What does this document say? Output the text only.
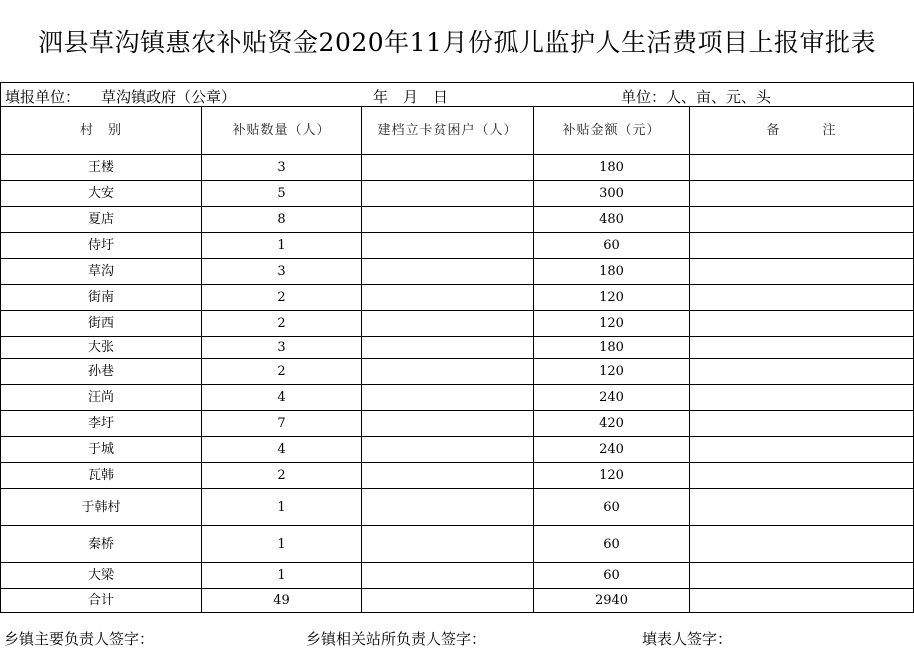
泗县草沟镇惠农补贴资金2020年11月份孤儿监护人生活费项目上报审批表
填报单位： 草沟镇政府（公章）	年　月　日	单位：人、亩、元、头
村　别	补贴数量（人）	建档立卡贫困户（人）	补贴金额（元）	备　　　注
王楼	3		180	
大安	5		300	
夏店	8		480	
侍圩	1		60	
草沟	3		180	
街南	2		120	
街西	2		120	
大张	3		180	
孙巷	2		120	
汪尚	4		240	
李圩	7		420	
于城	4		240	
瓦韩	2		120	
于韩村	1		60	
秦桥	1		60	
大梁	1		60	
合计	49		2940	
乡镇主要负责人签字：	乡镇相关站所负责人签字：	填表人签字：
